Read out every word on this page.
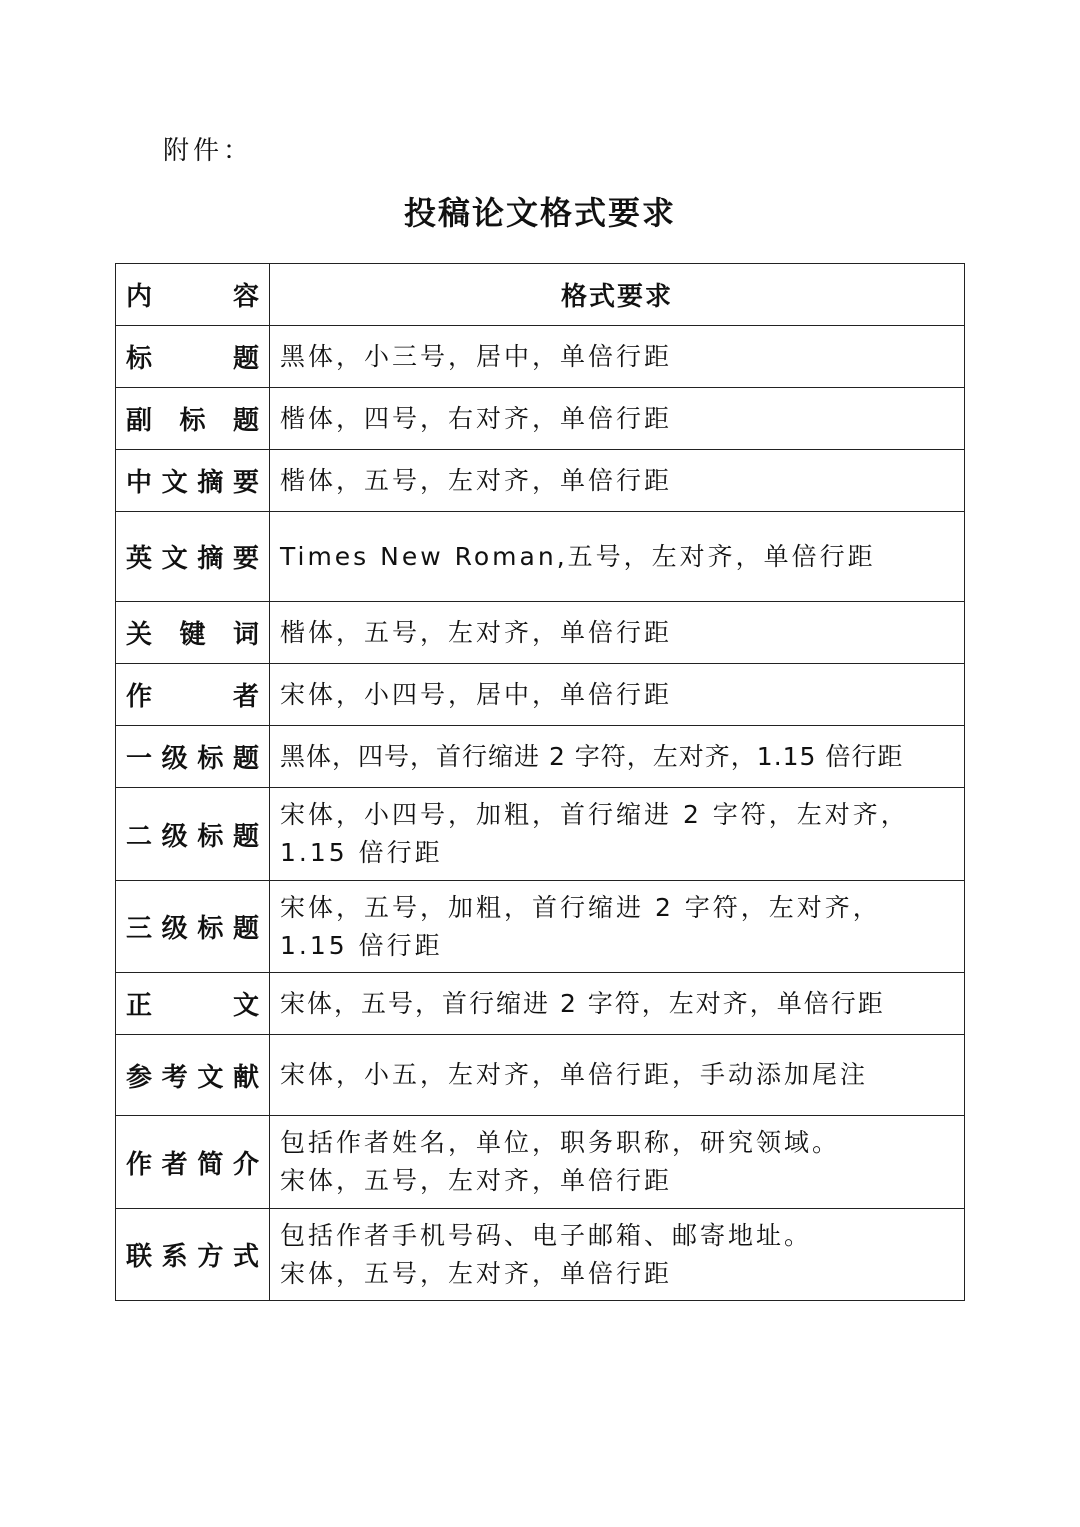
附件：
投稿论文格式要求
内容	格式要求

标题	黑体，小三号，居中，单倍行距

副标题	楷体，四号，右对齐，单倍行距

中文摘要	楷体，五号，左对齐，单倍行距

英文摘要	Times New Roman,五号，左对齐，单倍行距

关键词	楷体，五号，左对齐，单倍行距

作者	宋体，小四号，居中，单倍行距

一级标题	黑体，四号，首行缩进 2 字符，左对齐，1.15 倍行距

二级标题	宋体，小四号，加粗，首行缩进 2 字符，左对齐，
1.15 倍行距

三级标题	宋体，五号，加粗，首行缩进 2 字符，左对齐，
1.15 倍行距

正文	宋体，五号，首行缩进 2 字符，左对齐，单倍行距

参考文献	宋体，小五，左对齐，单倍行距，手动添加尾注

作者简介	包括作者姓名，单位，职务职称，研究领域。
宋体，五号，左对齐，单倍行距

联系方式	包括作者手机号码、电子邮箱、邮寄地址。
宋体，五号，左对齐，单倍行距
